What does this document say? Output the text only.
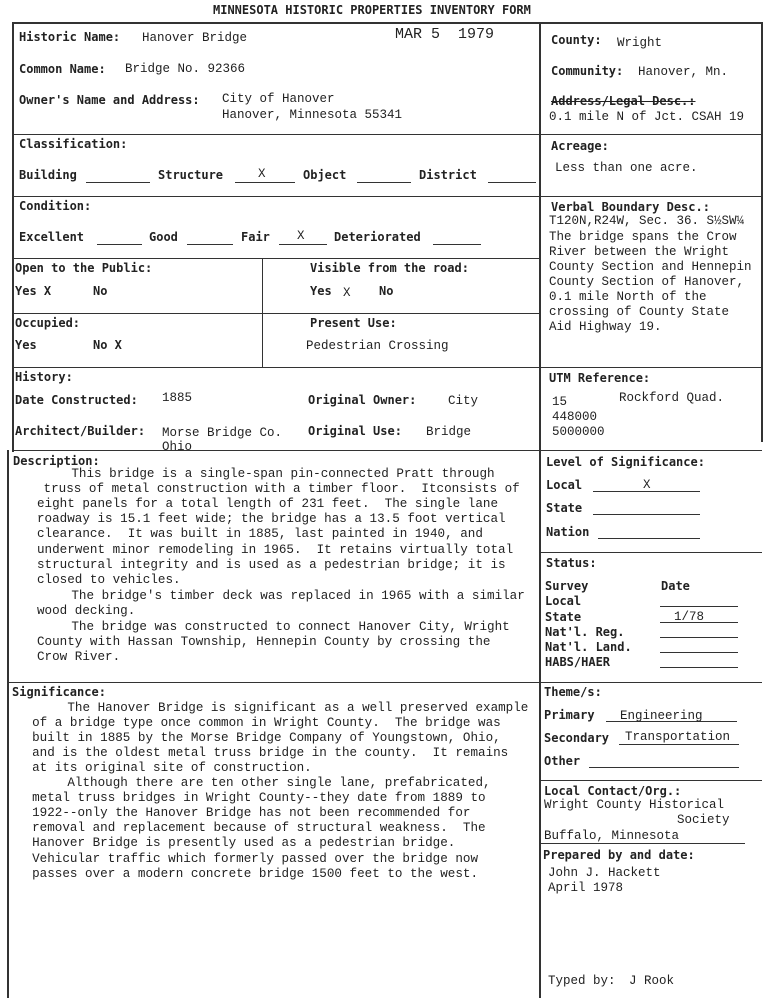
MINNESOTA HISTORIC PROPERTIES INVENTORY FORM
MAR 5  1979
Historic Name: Hanover Bridge
Common Name: Bridge No. 92366
Owner's Name and Address: City of Hanover
Hanover, Minnesota 55341
County: Wright
Community: Hanover, Mn.
Address/Legal Desc.:
0.1 mile N of Jct. CSAH 19
Classification:
Building	Structure	X	Object	District
Acreage:
Less than one acre.
Condition:
Excellent	Good	Fair X Deteriorated
Verbal Boundary Desc.:
T120N,R24W, Sec. 36. S½SW¼
The bridge spans the Crow
River between the Wright
County Section and Hennepin
County Section of Hanover,
0.1 mile North of the
crossing of County State
Aid Highway 19.
Open to the Public:
Yes X	No
Visible from the road:
Yes X No
Occupied:
Yes	No X
Present Use:
Pedestrian Crossing
History:
Date Constructed: 1885	Original Owner:	City
Architect/Builder: Morse Bridge Co.
Ohio
Original Use: Bridge
UTM Reference:
15	Rockford Quad.
448000
5000000
Description:
This bridge is a single-span pin-connected Pratt through
truss of metal construction with a timber floor.  Itconsists of
eight panels for a total length of 231 feet.  The single lane
roadway is 15.1 feet wide; the bridge has a 13.5 foot vertical
clearance.  It was built in 1885, last painted in 1940, and
underwent minor remodeling in 1965.  It retains virtually total
structural integrity and is used as a pedestrian bridge; it is
closed to vehicles.
The bridge's timber deck was replaced in 1965 with a similar
wood decking.
The bridge was constructed to connect Hanover City, Wright
County with Hassan Township, Hennepin County by crossing the
Crow River.
Level of Significance:
Local	X
State
Nation
Status:
Survey	Date
Local
State	1/78
Nat'l. Reg.
Nat'l. Land.
HABS/HAER
Significance:
The Hanover Bridge is significant as a well preserved example
of a bridge type once common in Wright County.  The bridge was
built in 1885 by the Morse Bridge Company of Youngstown, Ohio,
and is the oldest metal truss bridge in the county.  It remains
at its original site of construction.
Although there are ten other single lane, prefabricated,
metal truss bridges in Wright County--they date from 1889 to
1922--only the Hanover Bridge has not been recommended for
removal and replacement because of structural weakness.  The
Hanover Bridge is presently used as a pedestrian bridge.
Vehicular traffic which formerly passed over the bridge now
passes over a modern concrete bridge 1500 feet to the west.
Theme/s:
Primary Engineering
Secondary Transportation
Other
Local Contact/Org.:
Wright County Historical
Society
Buffalo, Minnesota
Prepared by and date:
John J. Hackett
April 1978
Typed by: J Rook
